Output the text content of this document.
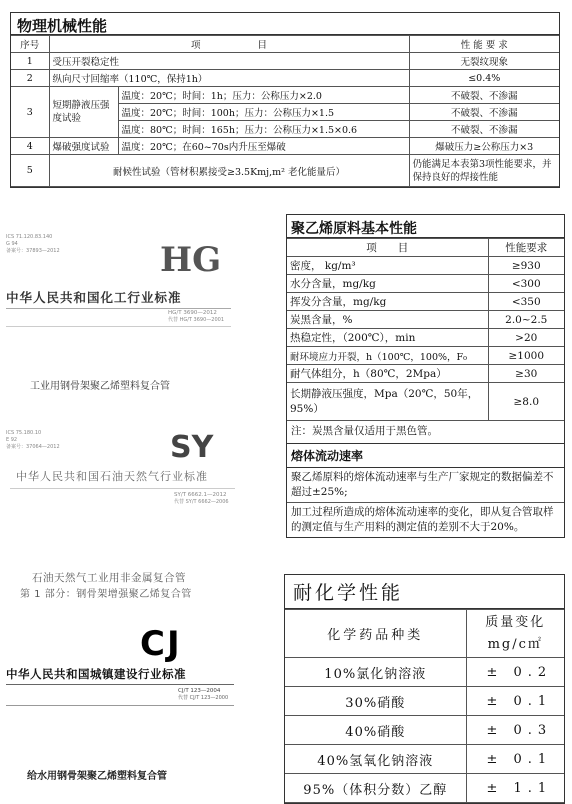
物理机械性能
序号	项　　　　　　目		性 能 要 求
1	受压开裂稳定性		无裂纹现象
2	纵向尺寸回缩率（110℃，保持1h）		≤0.4%
3	短期静液压强度试验	温度：20℃；时间：1h；压力：公称压力×2.0	不破裂、不渗漏
		温度：20℃；时间：100h；压力：公称压力×1.5	不破裂、不渗漏
		温度：80℃；时间：165h；压力：公称压力×1.5×0.6	不破裂、不渗漏
4	爆破强度试验	温度：20℃；在60~70s内升压至爆破	爆破压力≥公称压力×3
5	耐候性试验（管材积累接受≥3.5Kmj,m² 老化能量后）		仍能满足本表第3项性能要求，并保持良好的焊接性能
ICS 71.120.83.140
G 94
备案号：37893—2012	HG
中华人民共和国化工行业标准
HG/T 3690—2012
代替 HG/T 3690—2001
工业用钢骨架聚乙烯塑料复合管
ICS 75.180.10
E 92
备案号：37064—2012	SY
中华人民共和国石油天然气行业标准
SY/T 6662.1—2012
代替 SY/T 6662—2006
石油天然气工业用非金属复合管
第 1 部分：钢骨架增强聚乙烯复合管
CJ
中华人民共和国城镇建设行业标准
CJ/T 123—2004
代替 CJ/T 123—2000
给水用钢骨架聚乙烯塑料复合管
聚乙烯原料基本性能
项　　目	性能要求
密度， kg/m³	≥930
水分含量，mg/kg	<300
挥发分含量，mg/kg	<350
炭黑含量，%	2.0~2.5
热稳定性，（200℃），min	>20
耐环境应力开裂，h（100℃，100%，F₀	≥1000
耐气体组分，h（80℃，2Mpa）	≥30
长期静液压强度，Mpa（20℃，50年，95%）	≥8.0
注：炭黑含量仅适用于黑色管。
熔体流动速率
聚乙烯原料的熔体流动速率与生产厂家规定的数据偏差不超过±25%;
加工过程所造成的熔体流动速率的变化，即从复合管取样的测定值与生产用料的测定值的差别不大于20%。
耐化学性能
化学药品种类	质量变化
mg/c㎡

10%氯化钠溶液	± 0.2
30%硝酸	± 0.1
40%硝酸	± 0.3
40%氢氧化钠溶液	± 0.1
95%（体积分数）乙醇	± 1.1
